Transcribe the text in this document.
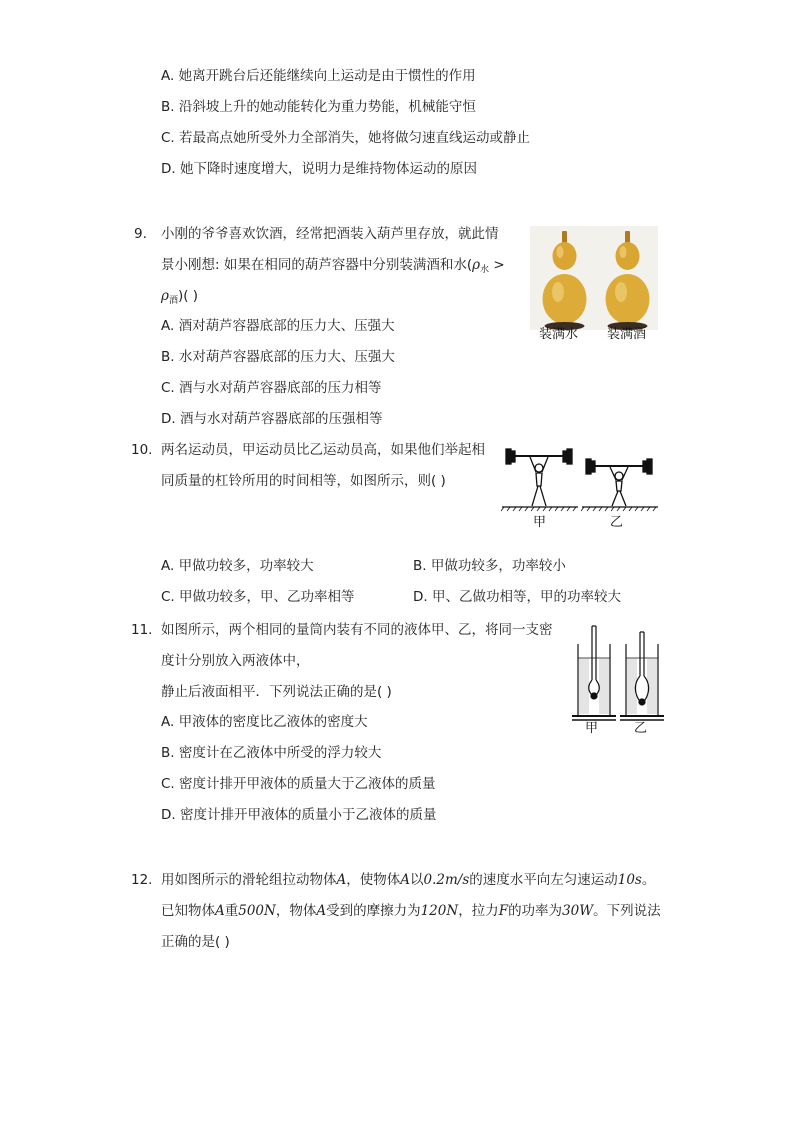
A. 她离开跳台后还能继续向上运动是由于惯性的作用
B. 沿斜坡上升的她动能转化为重力势能，机械能守恒
C. 若最高点她所受外力全部消失，她将做匀速直线运动或静止
D. 她下降时速度增大，说明力是维持物体运动的原因
9. 小刚的爷爷喜欢饮酒，经常把酒装入葫芦里存放，就此情
景小刚想: 如果在相同的葫芦容器中分别装满酒和水($\rho_水$ >
$\rho_酒$)( )
A. 酒对葫芦容器底部的压力大、压强大
B. 水对葫芦容器底部的压力大、压强大
C. 酒与水对葫芦容器底部的压力相等
D. 酒与水对葫芦容器底部的压强相等
装满水 装满酒
10. 两名运动员，甲运动员比乙运动员高，如果他们举起相
同质量的杠铃所用的时间相等，如图所示，则( )
甲	乙
A. 甲做功较多，功率较大	B. 甲做功较多，功率较小
C. 甲做功较多，甲、乙功率相等	D. 甲、乙做功相等，甲的功率较大
11. 如图所示，两个相同的量筒内装有不同的液体甲、乙，将同一支密
度计分别放入两液体中，
静止后液面相平．下列说法正确的是( )
A. 甲液体的密度比乙液体的密度大
B. 密度计在乙液体中所受的浮力较大
C. 密度计排开甲液体的质量大于乙液体的质量
D. 密度计排开甲液体的质量小于乙液体的质量
甲	乙
12. 用如图所示的滑轮组拉动物体A，使物体A以0.2m/s的速度水平向左匀速运动10s。
已知物体A重500N，物体A受到的摩擦力为120N，拉力F的功率为30W。下列说法
正确的是( )
